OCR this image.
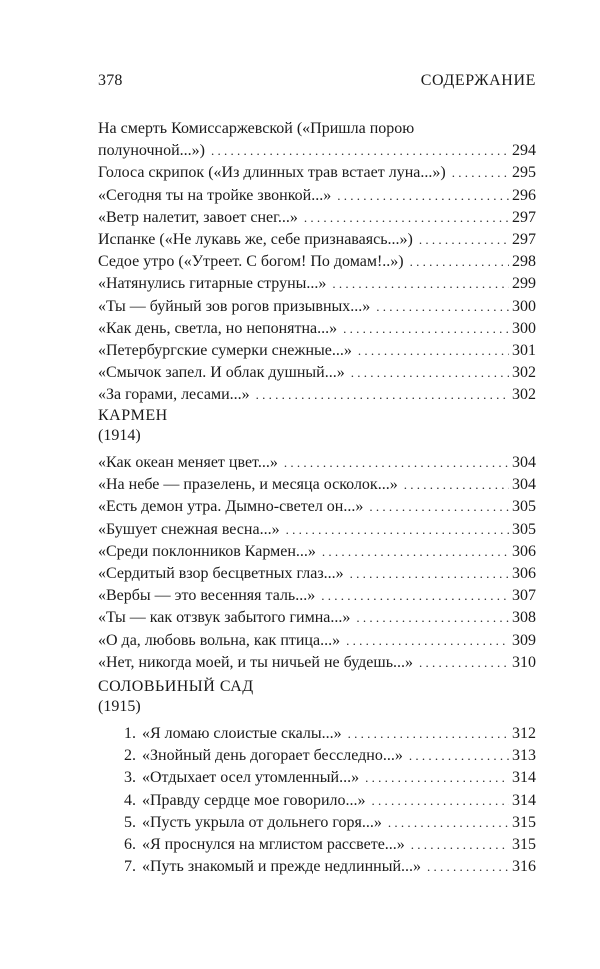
378	СОДЕРЖАНИЕ
На смерть Комиссаржевской («Пришла порою
полуночной...») . . .	294
Голоса скрипок («Из длинных трав встает луна...») . . .	295
«Сегодня ты на тройке звонкой...» . . .	296
«Ветр налетит, завоет снег...» . . .	297
Испанке («Не лукавь же, себе признаваясь...») . . .	297
Седое утро («Утреет. С богом! По домам!..») . . .	298
«Натянулись гитарные струны...» . . .	299
«Ты — буйный зов рогов призывных...» . . .	300
«Как день, светла, но непонятна...» . . .	300
«Петербургские сумерки снежные...» . . .	301
«Смычок запел. И облак душный...» . . .	302
«За горами, лесами...» . . .	302
КАРМЕН
(1914)
«Как океан меняет цвет...» . . .	304
«На небе — празелень, и месяца осколок...» . . .	304
«Есть демон утра. Дымно-светел он...» . . .	305
«Бушует снежная весна...» . . .	305
«Среди поклонников Кармен...» . . .	306
«Сердитый взор бесцветных глаз...» . . .	306
«Вербы — это весенняя таль...» . . .	307
«Ты — как отзвук забытого гимна...» . . .	308
«О да, любовь вольна, как птица...» . . .	309
«Нет, никогда моей, и ты ничьей не будешь...» . . .	310
СОЛОВЬИНЫЙ САД
(1915)
1. «Я ломаю слоистые скалы...» . . .	312
2. «Знойный день догорает бесследно...» . . .	313
3. «Отдыхает осел утомленный...» . . .	314
4. «Правду сердце мое говорило...» . . .	314
5. «Пусть укрыла от дольнего горя...» . . .	315
6. «Я проснулся на мглистом рассвете...» . . .	315
7. «Путь знакомый и прежде недлинный...» . . .	316
